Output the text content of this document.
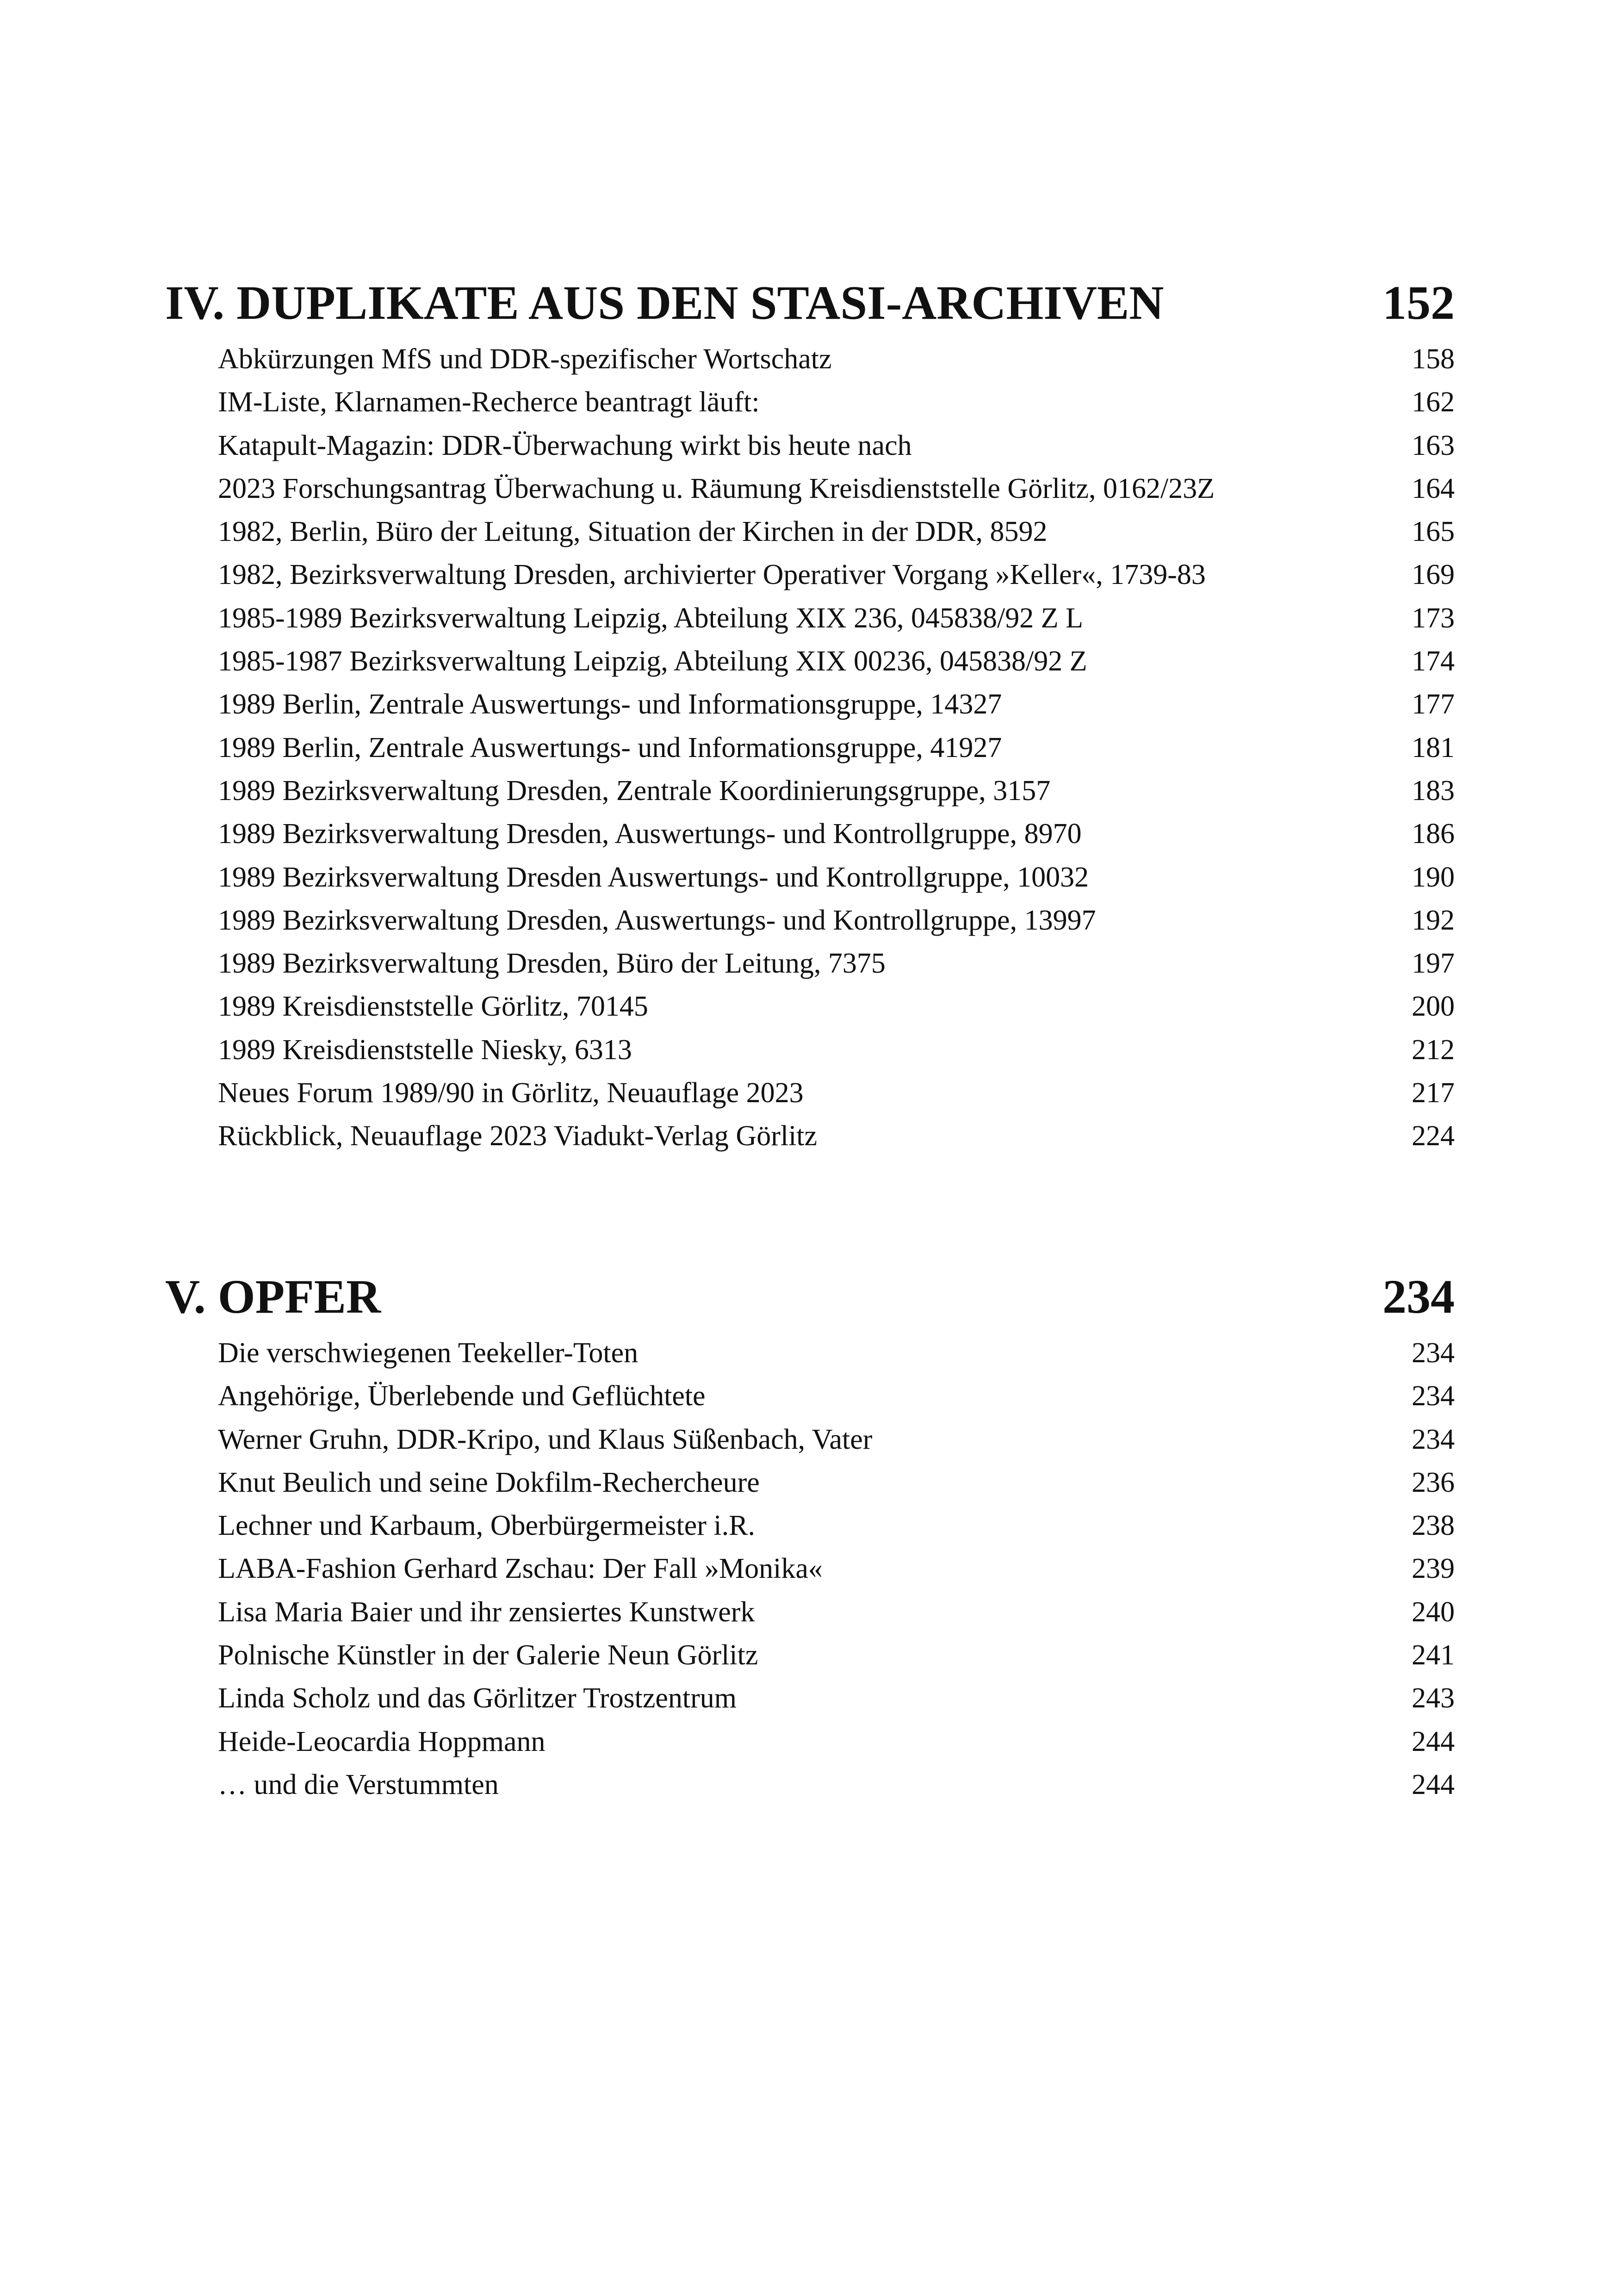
IV. DUPLIKATE AUS DEN STASI-ARCHIVEN	152
Abkürzungen MfS und DDR-spezifischer Wortschatz	158
IM-Liste, Klarnamen-Recherce beantragt läuft:	162
Katapult-Magazin: DDR-Überwachung wirkt bis heute nach	163
2023 Forschungsantrag Überwachung u. Räumung Kreisdienststelle Görlitz, 0162/23Z	164
1982, Berlin, Büro der Leitung, Situation der Kirchen in der DDR, 8592	165
1982, Bezirksverwaltung Dresden, archivierter Operativer Vorgang »Keller«, 1739-83	169
1985-1989 Bezirksverwaltung Leipzig, Abteilung XIX 236, 045838/92 Z L	173
1985-1987 Bezirksverwaltung Leipzig, Abteilung XIX 00236, 045838/92 Z	174
1989 Berlin, Zentrale Auswertungs- und Informationsgruppe, 14327	177
1989 Berlin, Zentrale Auswertungs- und Informationsgruppe, 41927	181
1989 Bezirksverwaltung Dresden, Zentrale Koordinierungsgruppe, 3157	183
1989 Bezirksverwaltung Dresden, Auswertungs- und Kontrollgruppe, 8970	186
1989 Bezirksverwaltung Dresden Auswertungs- und Kontrollgruppe, 10032	190
1989 Bezirksverwaltung Dresden, Auswertungs- und Kontrollgruppe, 13997	192
1989 Bezirksverwaltung Dresden, Büro der Leitung, 7375	197
1989 Kreisdienststelle Görlitz, 70145	200
1989 Kreisdienststelle Niesky, 6313	212
Neues Forum 1989/90 in Görlitz, Neuauflage 2023	217
Rückblick, Neuauflage 2023 Viadukt-Verlag Görlitz	224
V. OPFER	234
Die verschwiegenen Teekeller-Toten	234
Angehörige, Überlebende und Geflüchtete	234
Werner Gruhn, DDR-Kripo, und Klaus Süßenbach, Vater	234
Knut Beulich und seine Dokfilm-Rechercheure	236
Lechner und Karbaum, Oberbürgermeister i.R.	238
LABA-Fashion Gerhard Zschau: Der Fall »Monika«	239
Lisa Maria Baier und ihr zensiertes Kunstwerk	240
Polnische Künstler in der Galerie Neun Görlitz	241
Linda Scholz und das Görlitzer Trostzentrum	243
Heide-Leocardia Hoppmann	244
… und die Verstummten	244
